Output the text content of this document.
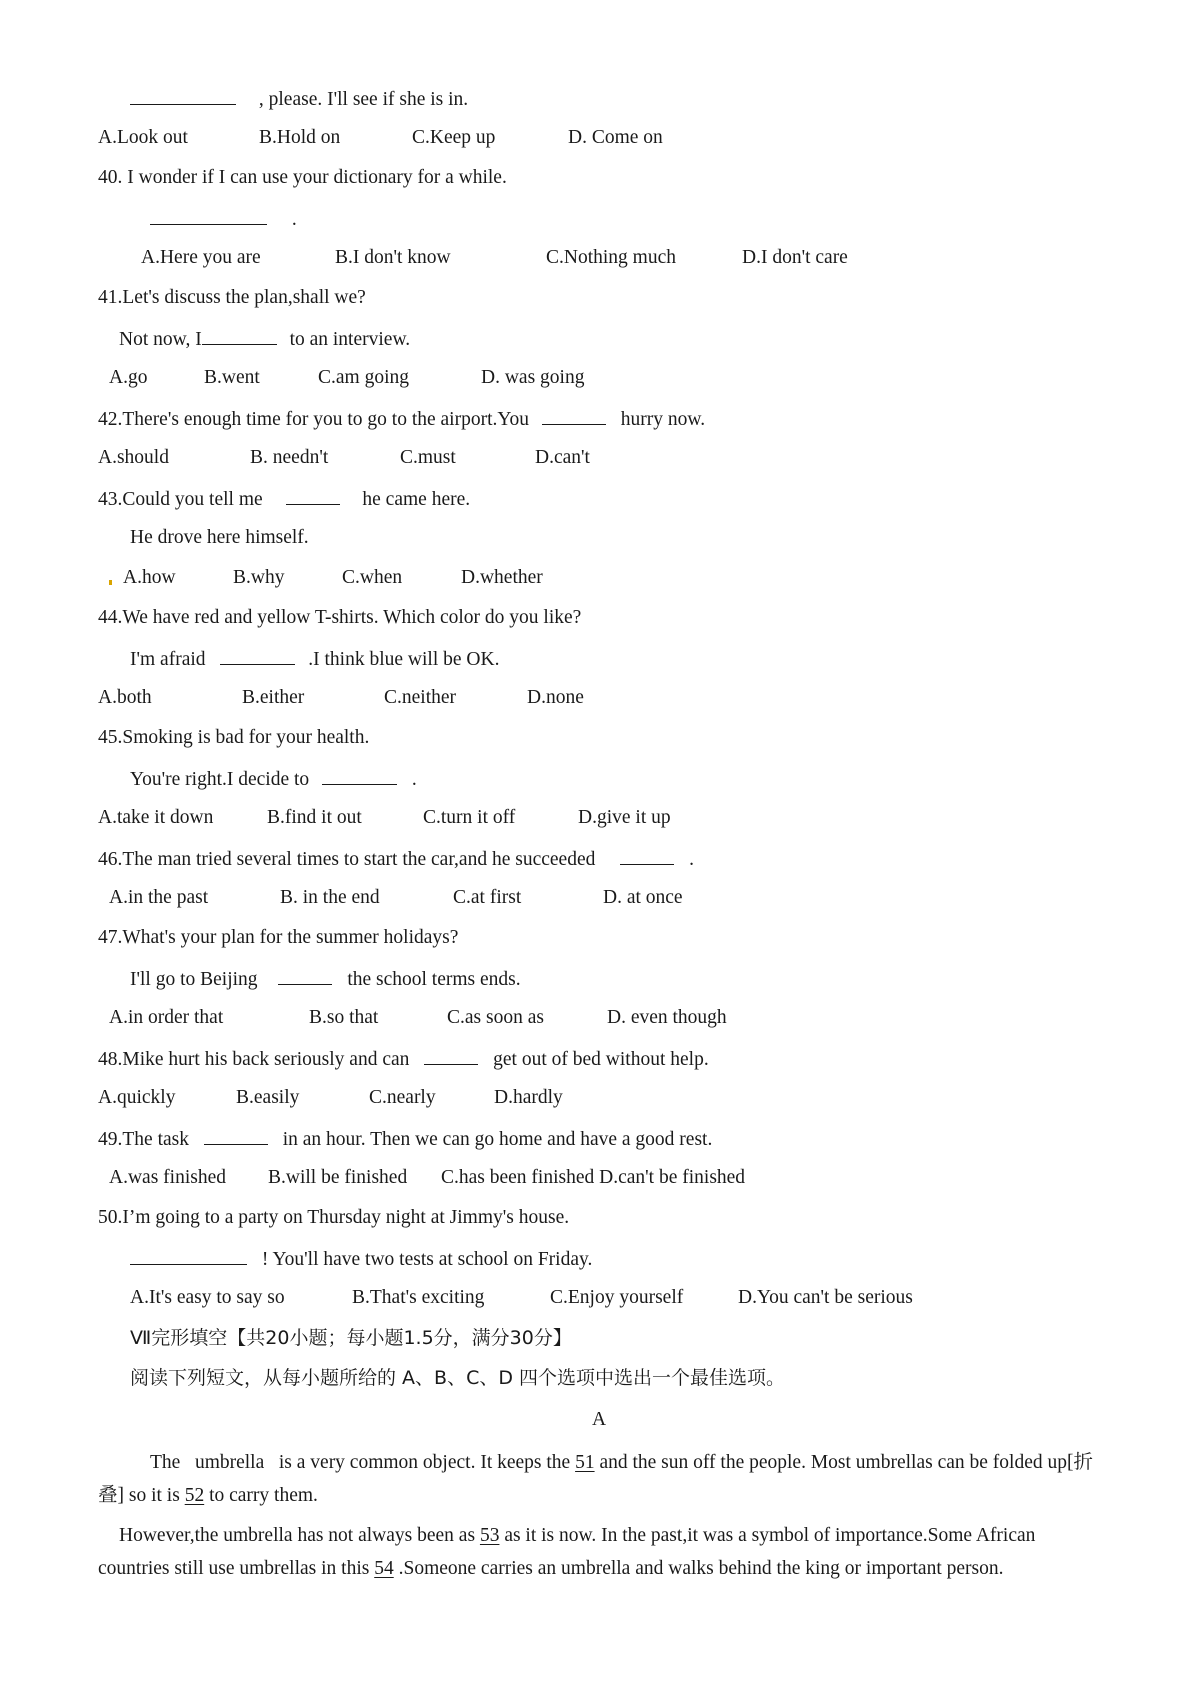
, please. I'll see if she is in.
A.Look out	B.Hold on	C.Keep up	D. Come on
40. I wonder if I can use your dictionary for a while.
.
A.Here you are	B.I don't know	C.Nothing much	D.I don't care
41.Let's discuss the plan,shall we?
Not now, I	to an interview.
A.go	B.went	C.am going	D. was going
42.There's enough time for you to go to the airport.You	hurry now.
A.should	B. needn't	C.must	D.can't
43.Could you tell me	he came here.
He drove here himself.
A.how	B.why	C.when	D.whether
44.We have red and yellow T-shirts. Which color do you like?
I'm afraid	.I think blue will be OK.
A.both	B.either	C.neither	D.none
45.Smoking is bad for your health.
You're right.I decide to	.
A.take it down	B.find it out	C.turn it off	D.give it up
46.The man tried several times to start the car,and he succeeded	.
A.in the past	B. in the end	C.at first	D. at once
47.What's your plan for the summer holidays?
I'll go to Beijing	the school terms ends.
A.in order that	B.so that	C.as soon as	D. even though
48.Mike hurt his back seriously and can	get out of bed without help.
A.quickly	B.easily	C.nearly	D.hardly
49.The task	in an hour. Then we can go home and have a good rest.
A.was finished B.will be finished C.has been finished D.can't be finished
50.I’m going to a party on Thursday night at Jimmy's house.
! You'll have two tests at school on Friday.
A.It's easy to say so	B.That's exciting	C.Enjoy yourself	D.You can't be serious
Ⅶ完形填空【共20小题；每小题1.5分，满分30分】
阅读下列短文，从每小题所给的 A、B、C、D 四个选项中选出一个最佳选项。
A
The   umbrella   is a very common object. It keeps the 51 and the sun off the people. Most umbrellas can be folded up[折叠] so it is 52 to carry them.
However,the umbrella has not always been as 53 as it is now. In the past,it was a symbol of importance.Some African countries still use umbrellas in this 54 .Someone carries an umbrella and walks behind the king or important person.
